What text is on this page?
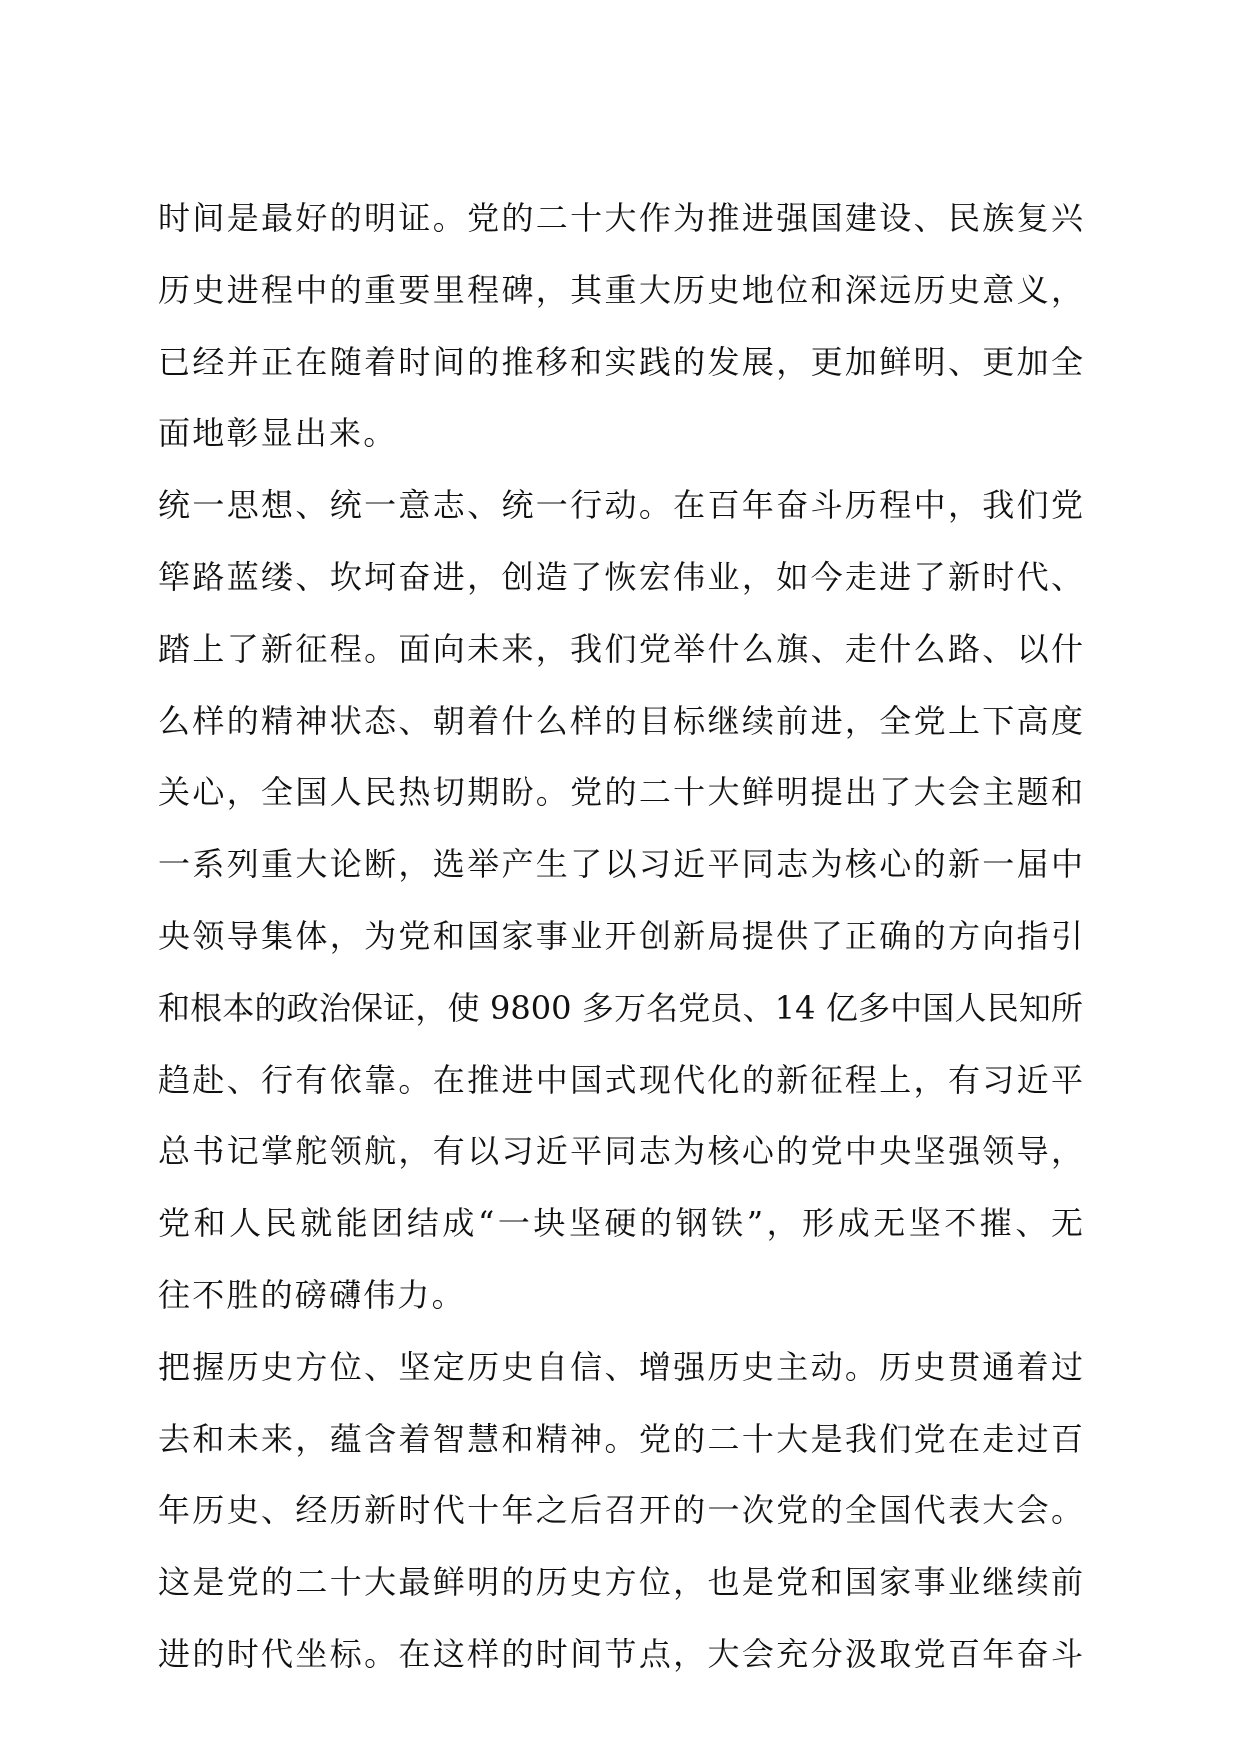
时间是最好的明证。党的二十大作为推进强国建设、民族复兴
历史进程中的重要里程碑，其重大历史地位和深远历史意义，
已经并正在随着时间的推移和实践的发展，更加鲜明、更加全
面地彰显出来。
统一思想、统一意志、统一行动。在百年奋斗历程中，我们党
筚路蓝缕、坎坷奋进，创造了恢宏伟业，如今走进了新时代、
踏上了新征程。面向未来，我们党举什么旗、走什么路、以什
么样的精神状态、朝着什么样的目标继续前进，全党上下高度
关心，全国人民热切期盼。党的二十大鲜明提出了大会主题和
一系列重大论断，选举产生了以习近平同志为核心的新一届中
央领导集体，为党和国家事业开创新局提供了正确的方向指引
和根本的政治保证，使 9800 多万名党员、14 亿多中国人民知所
趋赴、行有依靠。在推进中国式现代化的新征程上，有习近平
总书记掌舵领航，有以习近平同志为核心的党中央坚强领导，
党和人民就能团结成“一块坚硬的钢铁”，形成无坚不摧、无
往不胜的磅礴伟力。
把握历史方位、坚定历史自信、增强历史主动。历史贯通着过
去和未来，蕴含着智慧和精神。党的二十大是我们党在走过百
年历史、经历新时代十年之后召开的一次党的全国代表大会。
这是党的二十大最鲜明的历史方位，也是党和国家事业继续前
进的时代坐标。在这样的时间节点，大会充分汲取党百年奋斗
